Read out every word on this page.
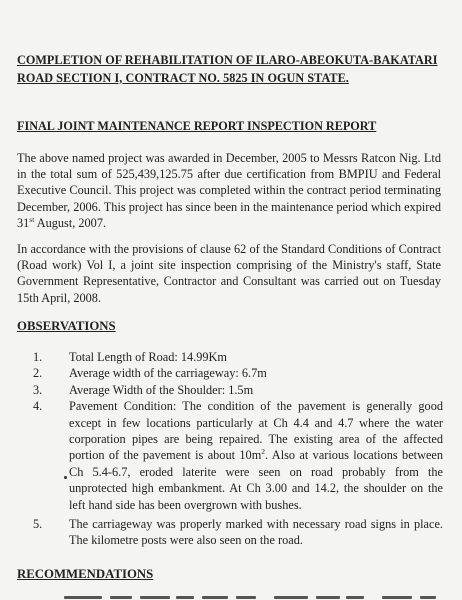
COMPLETION OF REHABILITATION OF ILARO-ABEOKUTA-BAKATARI ROAD SECTION I, CONTRACT NO. 5825 IN OGUN STATE.
FINAL JOINT MAINTENANCE REPORT INSPECTION REPORT

The above named project was awarded in December, 2005 to Messrs Ratcon Nig. Ltd in the total sum of 525,439,125.75 after due certification from BMPIU and Federal Executive Council. This project was completed within the contract period terminating December, 2006. This project has since been in the maintenance period which expired 31st August, 2007.

In accordance with the provisions of clause 62 of the Standard Conditions of Contract (Road work) Vol I, a joint site inspection comprising of the Ministry's staff, State Government Representative, Contractor and Consultant was carried out on Tuesday 15th April, 2008.

OBSERVATIONS
1. Total Length of Road: 14.99Km
2. Average width of the carriageway: 6.7m
3. Average Width of the Shoulder: 1.5m
4. Pavement Condition: The condition of the pavement is generally good except in few locations particularly at Ch 4.4 and 4.7 where the water corporation pipes are being repaired. The existing area of the affected portion of the pavement is about $10m^2$. Also at various locations between Ch 5.4-6.7, eroded laterite were seen on road probably from the unprotected high embankment. At Ch 3.00 and 14.2, the shoulder on the left hand side has been overgrown with bushes.
5. The carriageway was properly marked with necessary road signs in place. The kilometre posts were also seen on the road.
RECOMMENDATIONS
